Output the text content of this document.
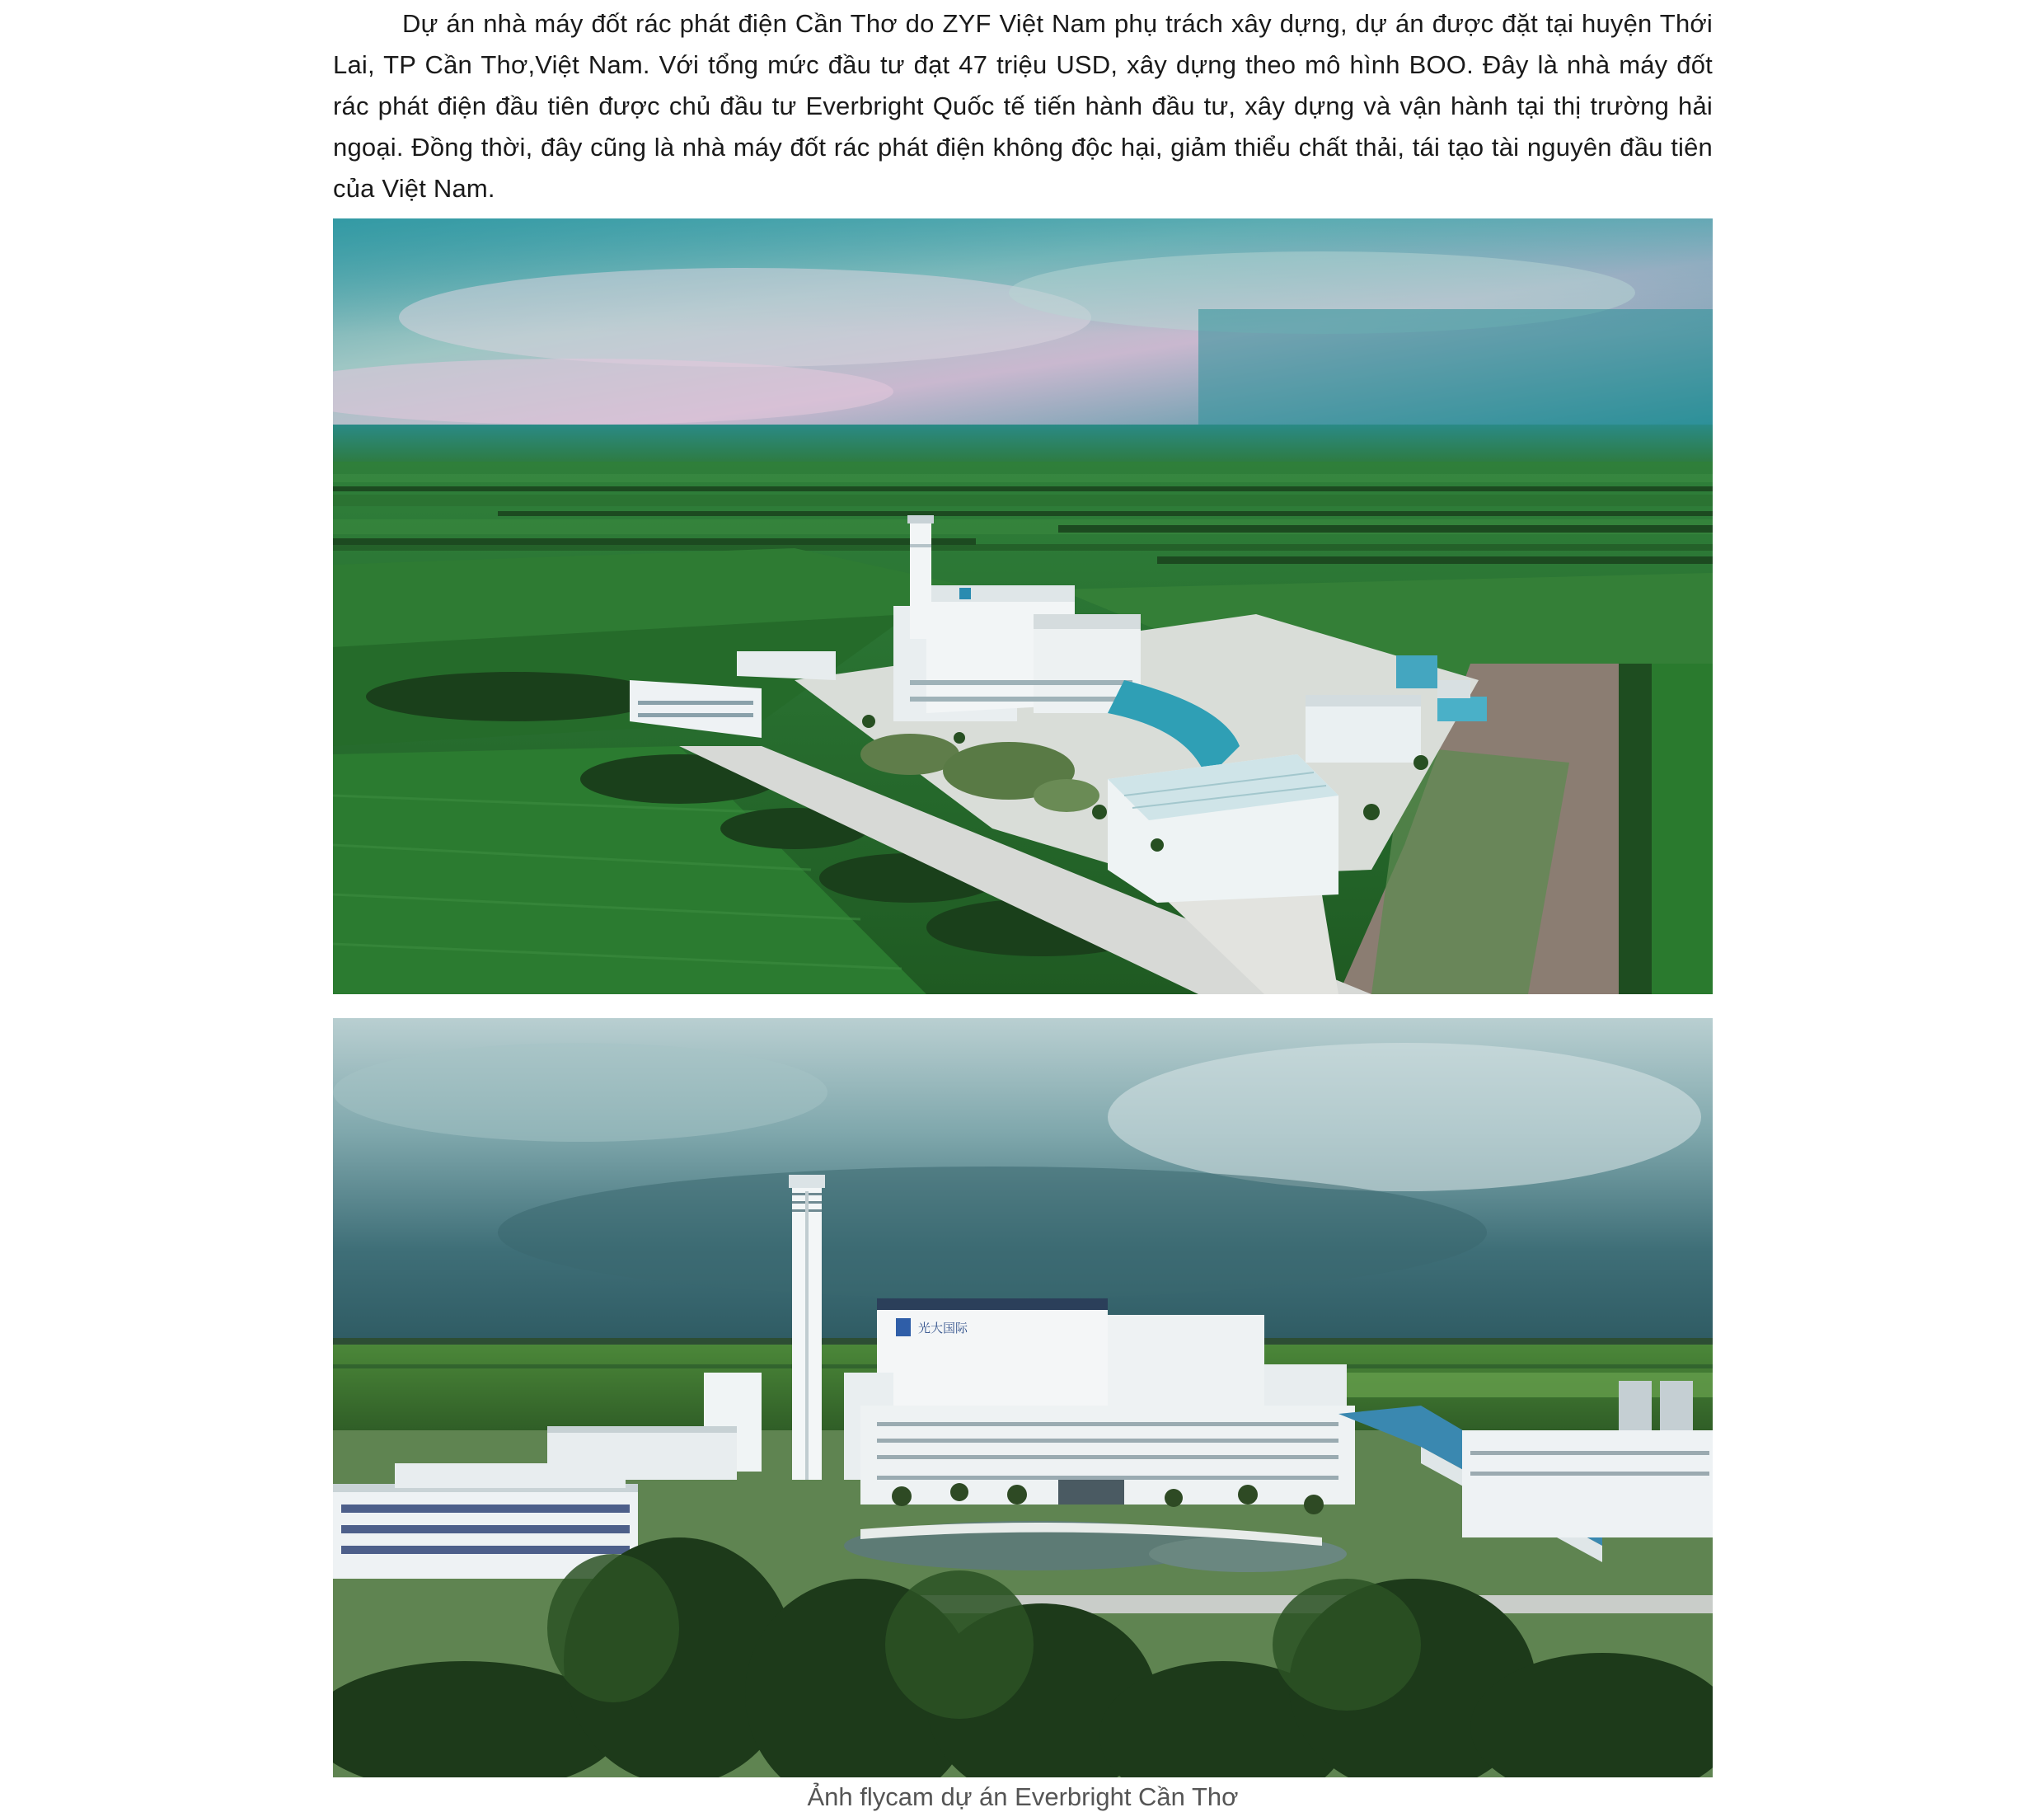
Dự án nhà máy đốt rác phát điện Cần Thơ do ZYF Việt Nam phụ trách xây dựng, dự án được đặt tại huyện Thới Lai, TP Cần Thơ,Việt Nam. Với tổng mức đầu tư đạt 47 triệu USD, xây dựng theo mô hình BOO. Đây là nhà máy đốt rác phát điện đầu tiên được chủ đầu tư Everbright Quốc tế tiến hành đầu tư, xây dựng và vận hành tại thị trường hải ngoại. Đồng thời, đây cũng là nhà máy đốt rác phát điện không độc hại, giảm thiểu chất thải, tái tạo tài nguyên đầu tiên của Việt Nam.

光大国际

Ảnh flycam dự án Everbright Cần Thơ
